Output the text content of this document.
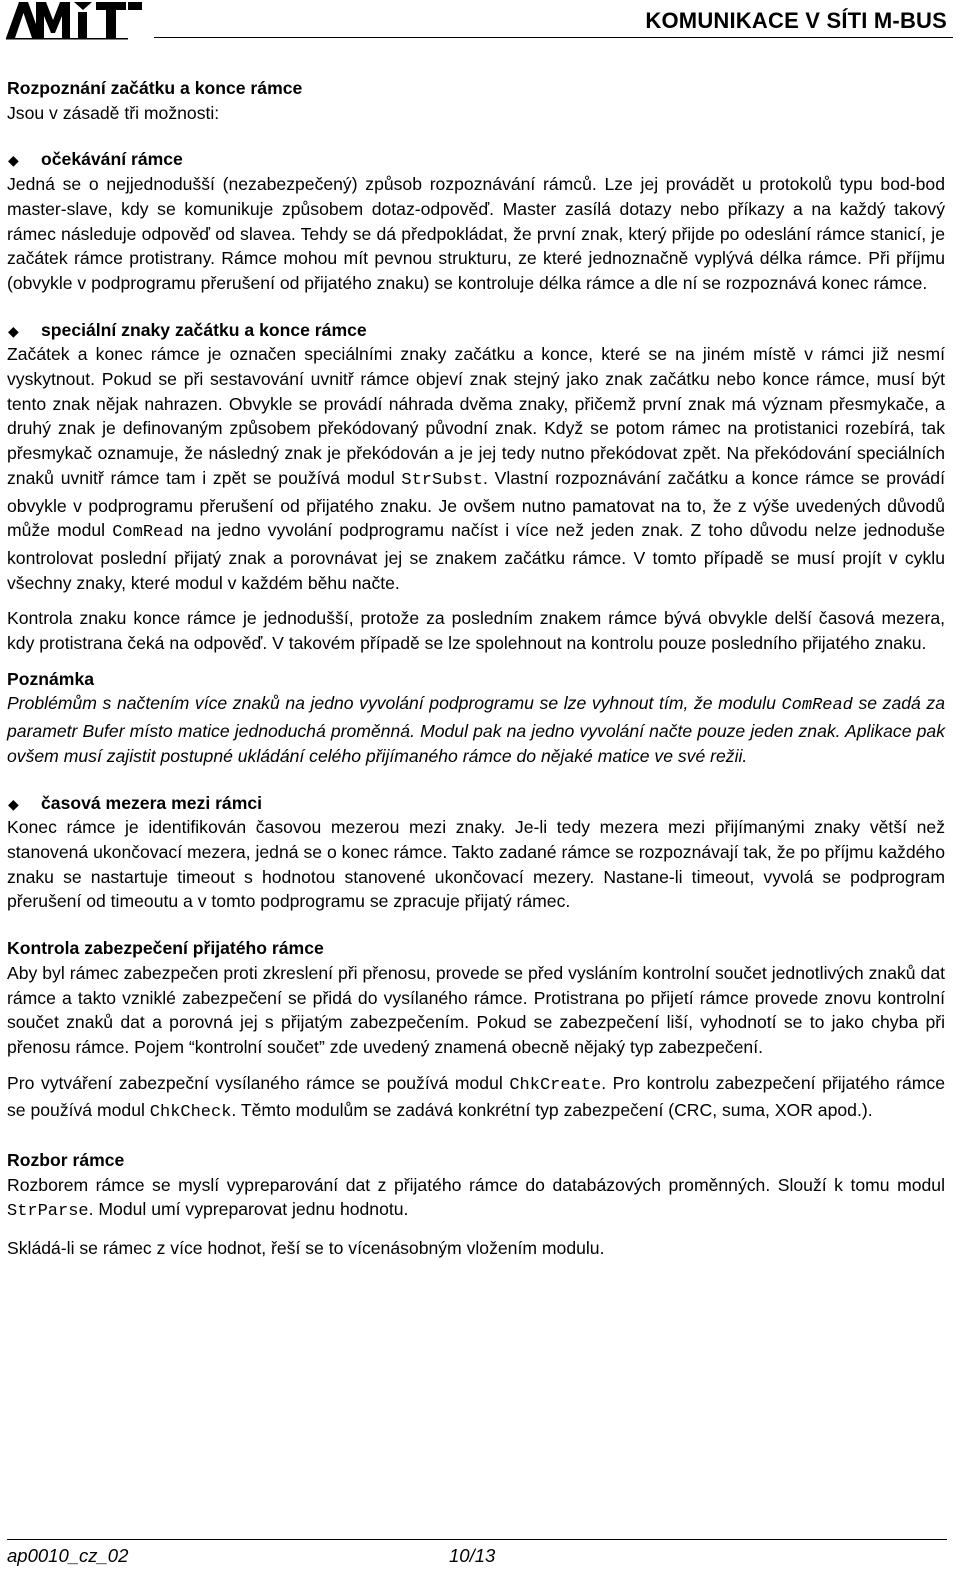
KOMUNIKACE V SÍTI M-BUS
Rozpoznání začátku a konce rámce

Jsou v zásadě tři možnosti:

◆ očekávání rámce

Jedná se o nejjednodušší (nezabezpečený) způsob rozpoznávání rámců. Lze jej provádět u protokolů typu bod-bod master-slave, kdy se komunikuje způsobem dotaz-odpověď. Master zasílá dotazy nebo příkazy a na každý takový rámec následuje odpověď od slavea. Tehdy se dá předpokládat, že první znak, který přijde po odeslání rámce stanicí, je začátek rámce protistrany. Rámce mohou mít pevnou strukturu, ze které jednoznačně vyplývá délka rámce. Při příjmu (obvykle v podprogramu přerušení od přijatého znaku) se kontroluje délka rámce a dle ní se rozpoznává konec rámce.

◆ speciální znaky začátku a konce rámce

Začátek a konec rámce je označen speciálními znaky začátku a konce, které se na jiném místě v rámci již nesmí vyskytnout. Pokud se při sestavování uvnitř rámce objeví znak stejný jako znak začátku nebo konce rámce, musí být tento znak nějak nahrazen. Obvykle se provádí náhrada dvěma znaky, přičemž první znak má význam přesmykače, a druhý znak je definovaným způsobem překódovaný původní znak. Když se potom rámec na protistanici rozebírá, tak přesmykač oznamuje, že následný znak je překódován a je jej tedy nutno překódovat zpět. Na překódování speciálních znaků uvnitř rámce tam i zpět se používá modul StrSubst. Vlastní rozpoznávání začátku a konce rámce se provádí obvykle v podprogramu přerušení od přijatého znaku. Je ovšem nutno pamatovat na to, že z výše uvedených důvodů může modul ComRead na jedno vyvolání podprogramu načíst i více než jeden znak. Z toho důvodu nelze jednoduše kontrolovat poslední přijatý znak a porovnávat jej se znakem začátku rámce. V tomto případě se musí projít v cyklu všechny znaky, které modul v každém běhu načte.

Kontrola znaku konce rámce je jednodušší, protože za posledním znakem rámce bývá obvykle delší časová mezera, kdy protistrana čeká na odpověď. V takovém případě se lze spolehnout na kontrolu pouze posledního přijatého znaku.

Poznámka

Problémům s načtením více znaků na jedno vyvolání podprogramu se lze vyhnout tím, že modulu ComRead se zadá za parametr Bufer místo matice jednoduchá proměnná. Modul pak na jedno vyvolání načte pouze jeden znak. Aplikace pak ovšem musí zajistit postupné ukládání celého přijímaného rámce do nějaké matice ve své režii.

◆ časová mezera mezi rámci

Konec rámce je identifikován časovou mezerou mezi znaky. Je-li tedy mezera mezi přijímanými znaky větší než stanovená ukončovací mezera, jedná se o konec rámce. Takto zadané rámce se rozpoznávají tak, že po příjmu každého znaku se nastartuje timeout s hodnotou stanovené ukončovací mezery. Nastane-li timeout, vyvolá se podprogram přerušení od timeoutu a v tomto podprogramu se zpracuje přijatý rámec.

Kontrola zabezpečení přijatého rámce

Aby byl rámec zabezpečen proti zkreslení při přenosu, provede se před vysláním kontrolní součet jednotlivých znaků dat rámce a takto vzniklé zabezpečení se přidá do vysílaného rámce. Protistrana po přijetí rámce provede znovu kontrolní součet znaků dat a porovná jej s přijatým zabezpečením. Pokud se zabezpečení liší, vyhodnotí se to jako chyba při přenosu rámce. Pojem “kontrolní součet” zde uvedený znamená obecně nějaký typ zabezpečení.

Pro vytváření zabezpeční vysílaného rámce se používá modul ChkCreate. Pro kontrolu zabezpečení přijatého rámce se používá modul ChkCheck. Těmto modulům se zadává konkrétní typ zabezpečení (CRC, suma, XOR apod.).

Rozbor rámce

Rozborem rámce se myslí vypreparování dat z přijatého rámce do databázových proměnných. Slouží k tomu modul StrParse. Modul umí vypreparovat jednu hodnotu.

Skládá-li se rámec z více hodnot, řeší se to vícenásobným vložením modulu.

ap0010_cz_02	10/13
